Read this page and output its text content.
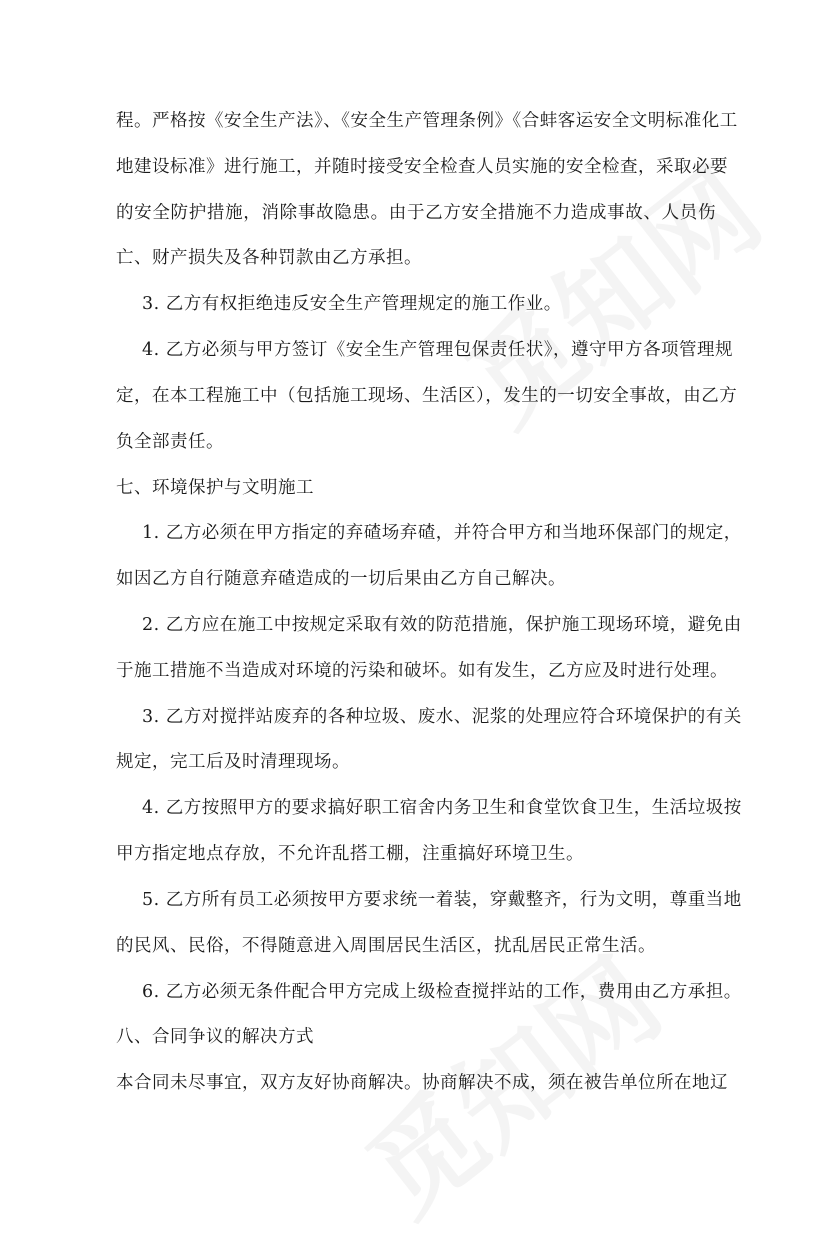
程。严格按《安全生产法》、《安全生产管理条例》《合蚌客运安全文明标准化工
地建设标准》进行施工，并随时接受安全检查人员实施的安全检查，采取必要
的安全防护措施，消除事故隐患。由于乙方安全措施不力造成事故、人员伤
亡、财产损失及各种罚款由乙方承担。
3. 乙方有权拒绝违反安全生产管理规定的施工作业。
4. 乙方必须与甲方签订《安全生产管理包保责任状》，遵守甲方各项管理规
定，在本工程施工中（包括施工现场、生活区），发生的一切安全事故，由乙方
负全部责任。
七、环境保护与文明施工
1. 乙方必须在甲方指定的弃碴场弃碴，并符合甲方和当地环保部门的规定，
如因乙方自行随意弃碴造成的一切后果由乙方自己解决。
2. 乙方应在施工中按规定采取有效的防范措施，保护施工现场环境，避免由
于施工措施不当造成对环境的污染和破坏。如有发生，乙方应及时进行处理。
3. 乙方对搅拌站废弃的各种垃圾、废水、泥浆的处理应符合环境保护的有关
规定，完工后及时清理现场。
4. 乙方按照甲方的要求搞好职工宿舍内务卫生和食堂饮食卫生，生活垃圾按
甲方指定地点存放，不允许乱搭工棚，注重搞好环境卫生。
5. 乙方所有员工必须按甲方要求统一着装，穿戴整齐，行为文明，尊重当地
的民风、民俗，不得随意进入周围居民生活区，扰乱居民正常生活。
6. 乙方必须无条件配合甲方完成上级检查搅拌站的工作，费用由乙方承担。
八、合同争议的解决方式
本合同未尽事宜，双方友好协商解决。协商解决不成，须在被告单位所在地辽
